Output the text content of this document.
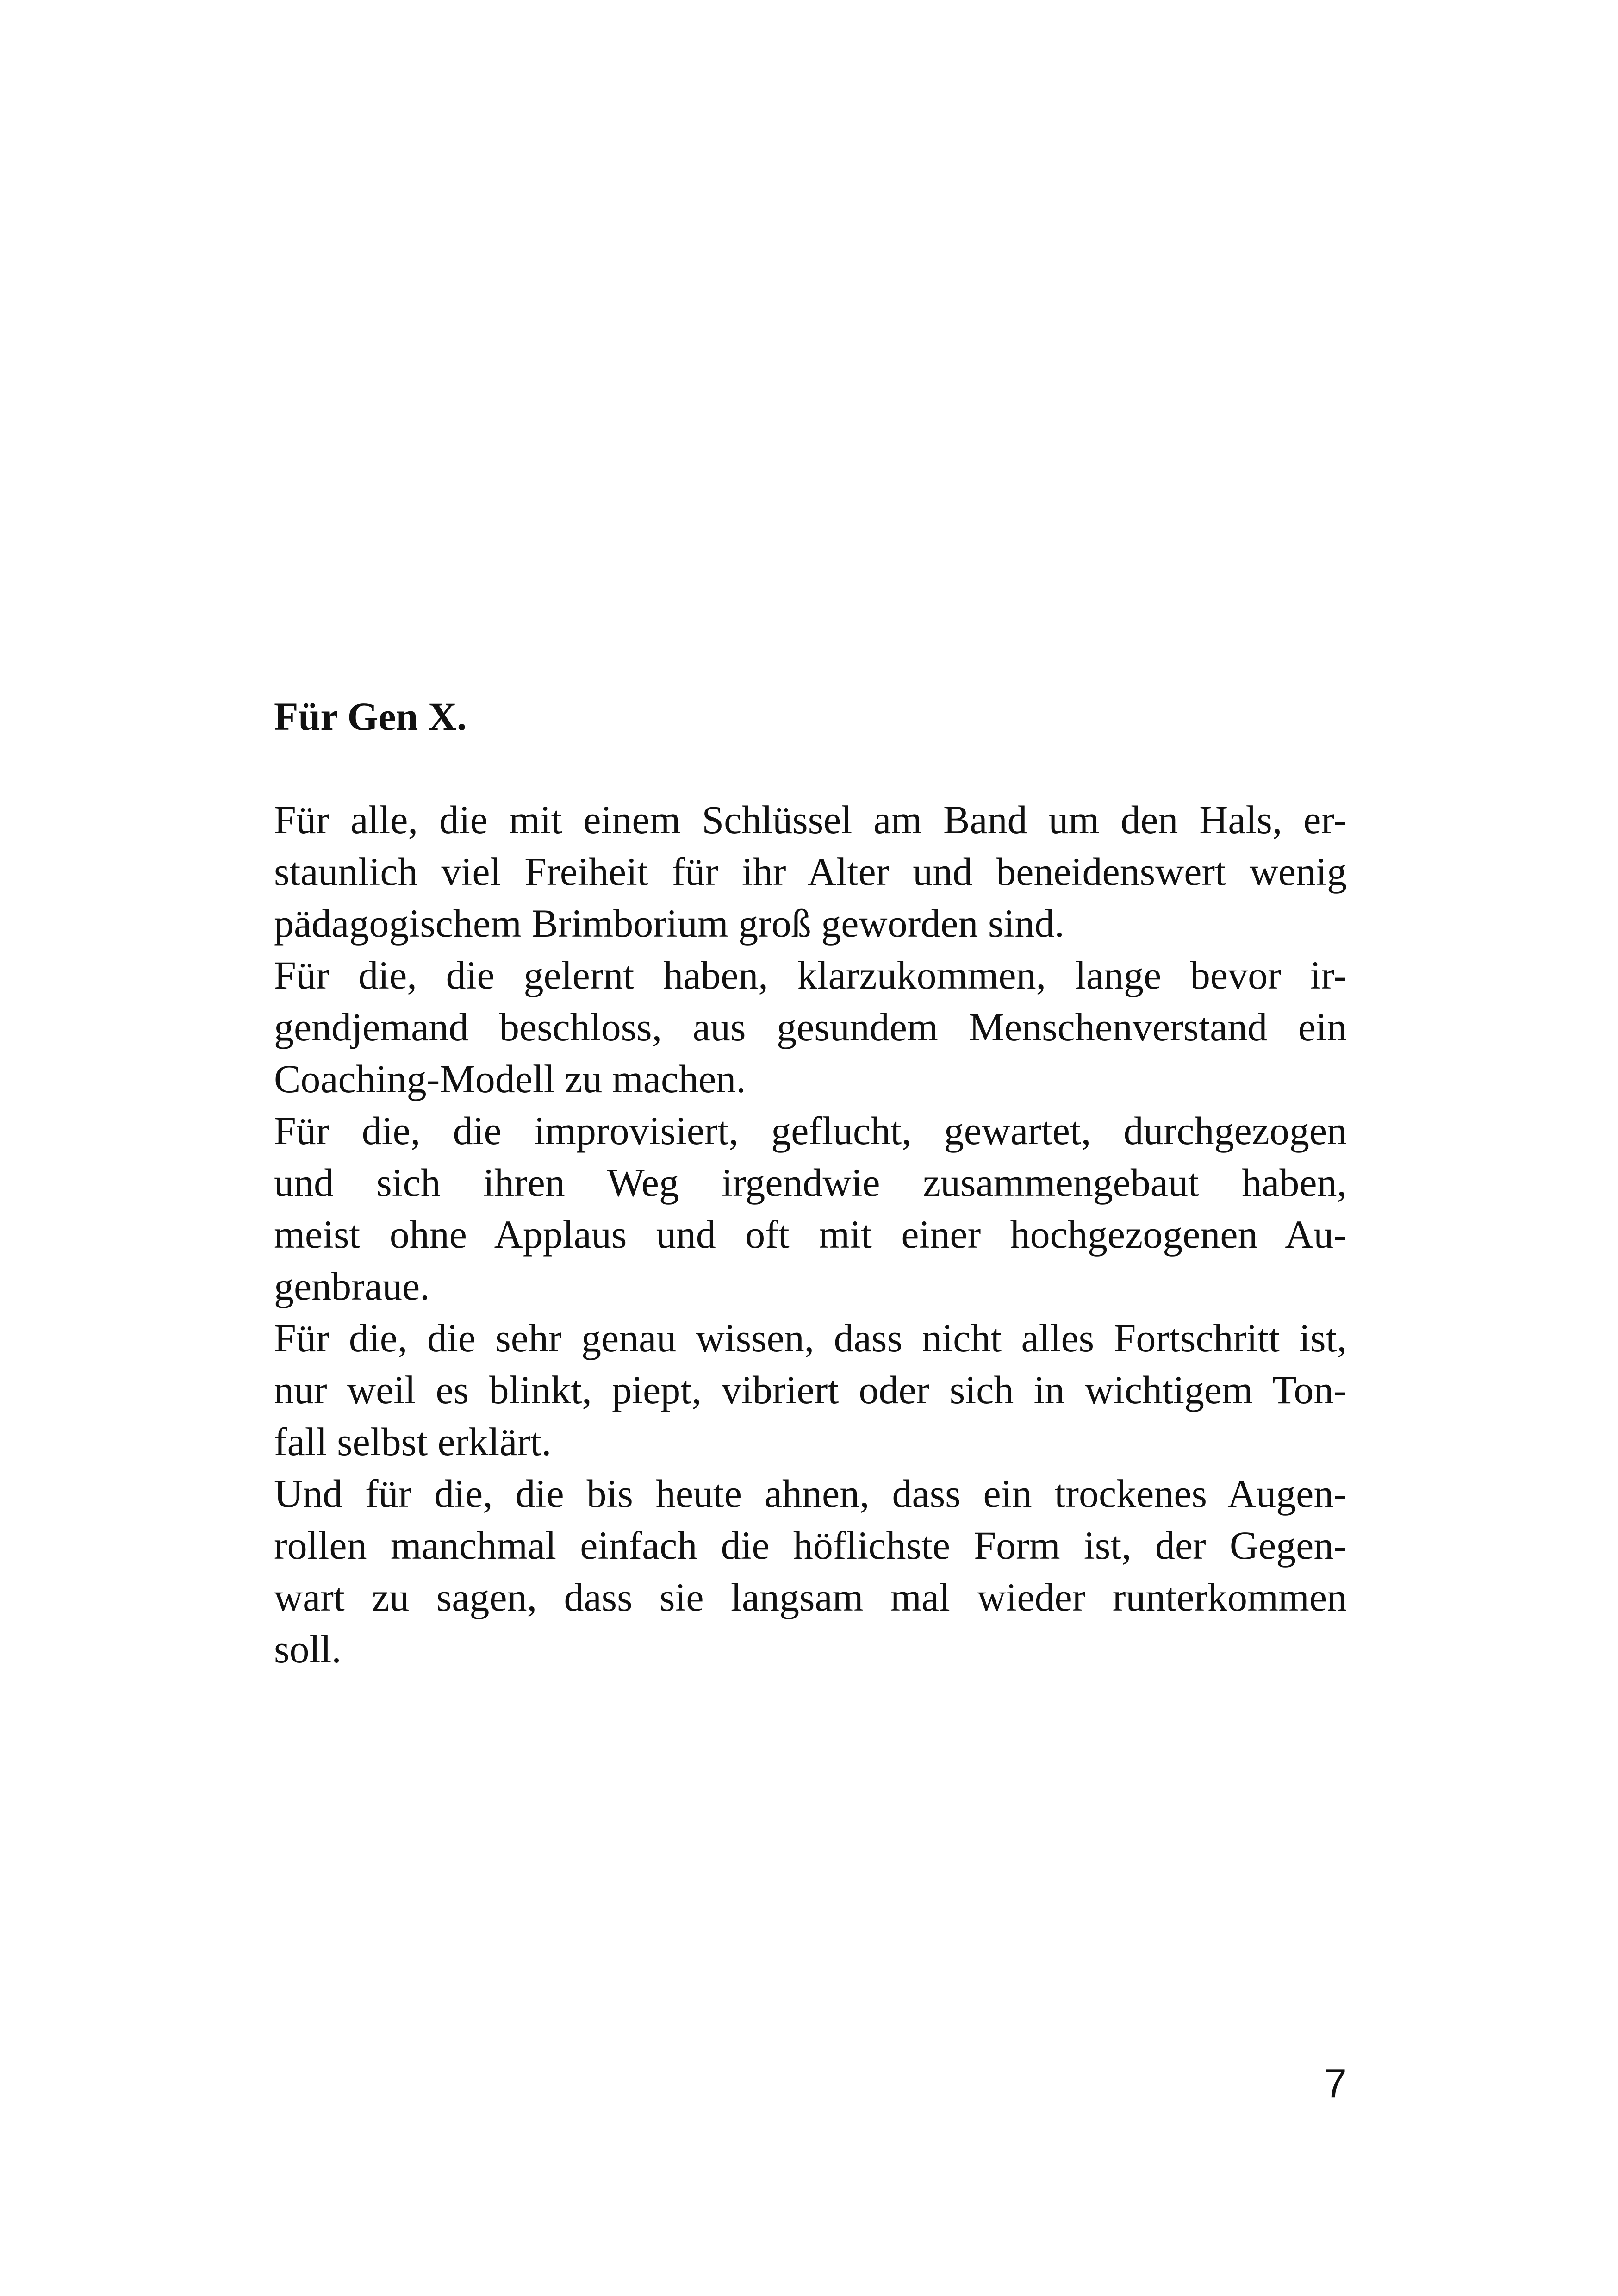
Für Gen X.

Für alle, die mit einem Schlüssel am Band um den Hals, er-
staunlich viel Freiheit für ihr Alter und beneidenswert wenig
pädagogischem Brimborium groß geworden sind.

Für die, die gelernt haben, klarzukommen, lange bevor ir-
gendjemand beschloss, aus gesundem Menschenverstand ein
Coaching-Modell zu machen.

Für die, die improvisiert, geflucht, gewartet, durchgezogen
und sich ihren Weg irgendwie zusammengebaut haben,
meist ohne Applaus und oft mit einer hochgezogenen Au-
genbraue.

Für die, die sehr genau wissen, dass nicht alles Fortschritt ist,
nur weil es blinkt, piept, vibriert oder sich in wichtigem Ton-
fall selbst erklärt.

Und für die, die bis heute ahnen, dass ein trockenes Augen-
rollen manchmal einfach die höflichste Form ist, der Gegen-
wart zu sagen, dass sie langsam mal wieder runterkommen
soll.

7
